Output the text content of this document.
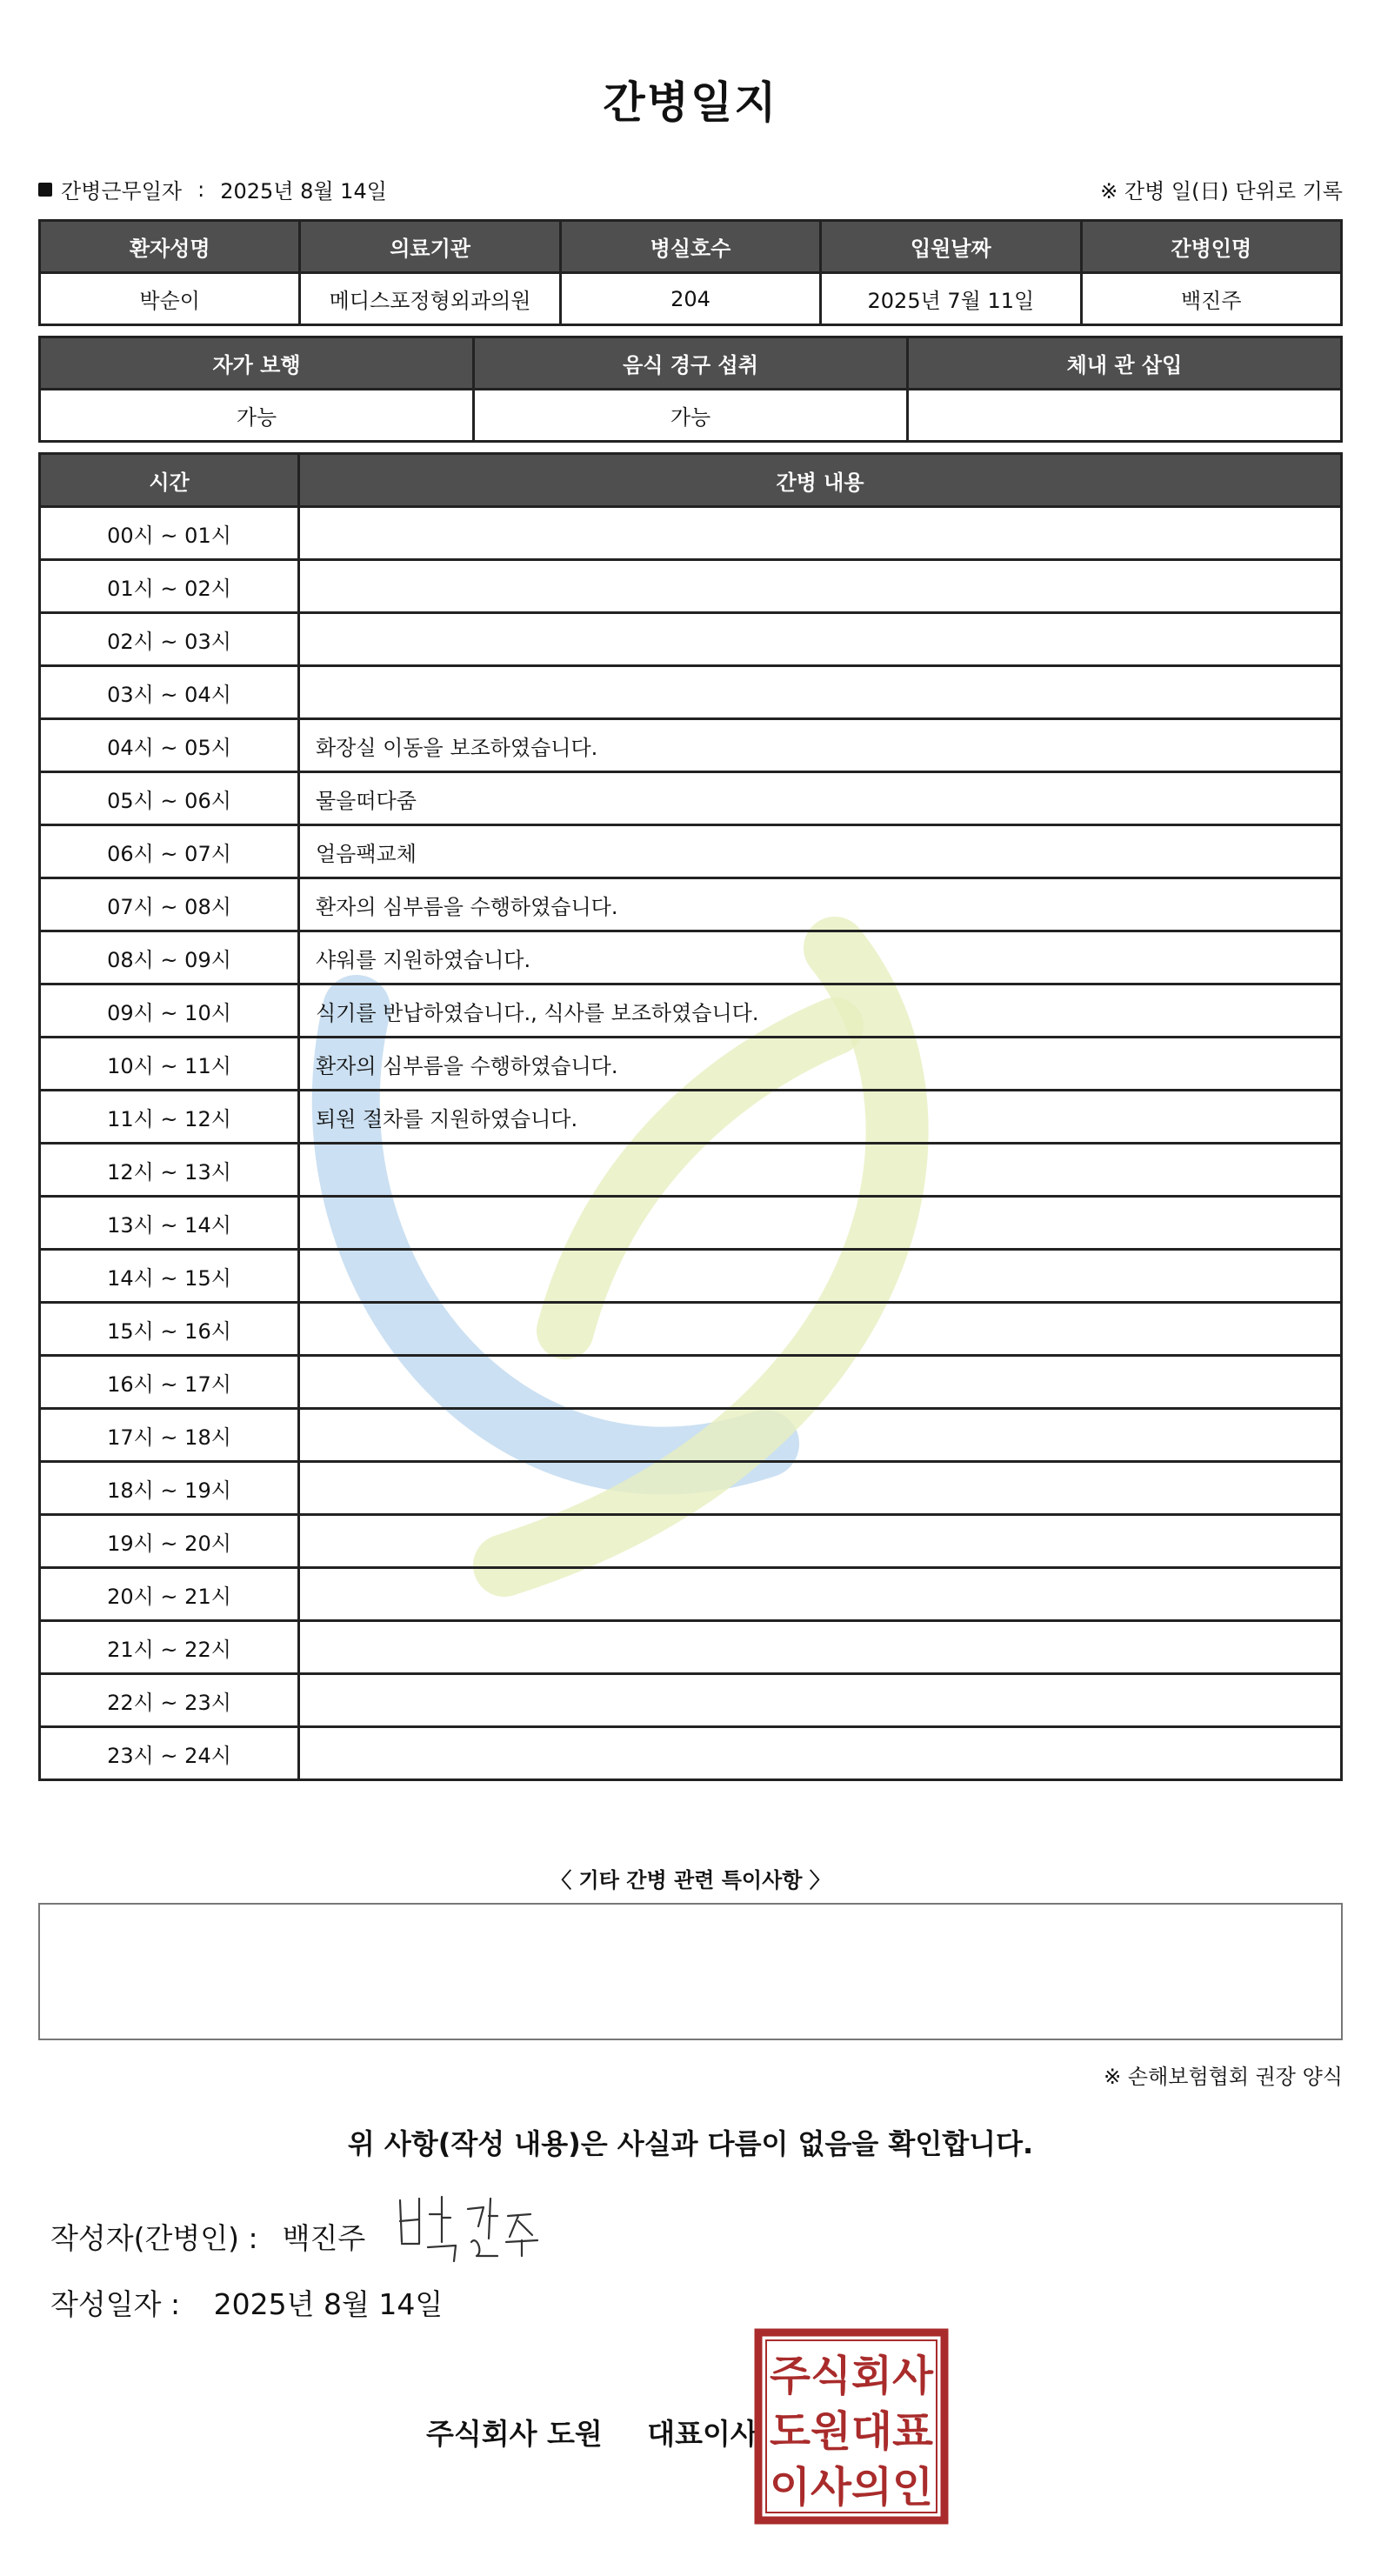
간병일지
간병근무일자 : 2025년 8월 14일	※ 간병 일(日) 단위로 기록
환자성명	의료기관	병실호수	입원날짜	간병인명
박순이	메디스포정형외과의원	204	2025년 7월 11일	백진주
자가 보행	음식 경구 섭취	체내 관 삽입
가능	가능	
시간	간병 내용
00시 ~ 01시	
01시 ~ 02시	
02시 ~ 03시	
03시 ~ 04시	
04시 ~ 05시	화장실 이동을 보조하였습니다.
05시 ~ 06시	물을떠다줌
06시 ~ 07시	얼음팩교체
07시 ~ 08시	환자의 심부름을 수행하였습니다.
08시 ~ 09시	샤워를 지원하였습니다.
09시 ~ 10시	식기를 반납하였습니다., 식사를 보조하였습니다.
10시 ~ 11시	환자의 심부름을 수행하였습니다.
11시 ~ 12시	퇴원 절차를 지원하였습니다.
12시 ~ 13시	
13시 ~ 14시	
14시 ~ 15시	
15시 ~ 16시	
16시 ~ 17시	
17시 ~ 18시	
18시 ~ 19시	
19시 ~ 20시	
20시 ~ 21시	
21시 ~ 22시	
22시 ~ 23시	
23시 ~ 24시	
〈 기타 간병 관련 특이사항 〉
※ 손해보험협회 권장 양식
위 사항(작성 내용)은 사실과 다름이 없음을 확인합니다.
작성자(간병인) : 백진주
작성일자 : 2025년 8월 14일
주식회사 도원 대표이사
주식회사
도원대표
이사의인
